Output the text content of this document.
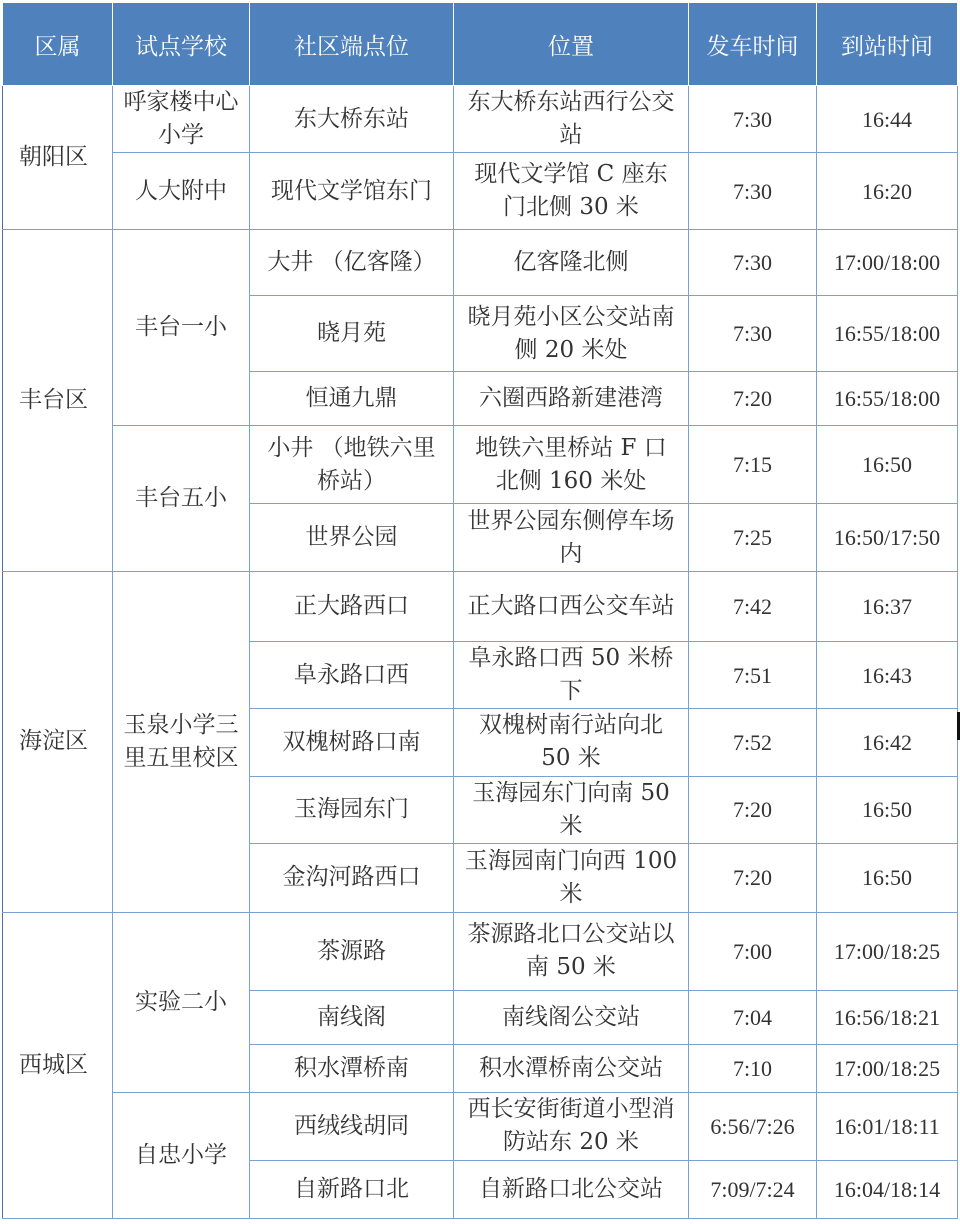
区属	试点学校	社区端点位	位置	发车时间	到站时间
朝阳区	呼家楼中心小学	东大桥东站	东大桥东站西行公交站	7:30	16:44
	人大附中	现代文学馆东门	现代文学馆 C 座东门北侧 30 米	7:30	16:20
丰台区	丰台一小	大井 （亿客隆）	亿客隆北侧	7:30	17:00/18:00
		晓月苑	晓月苑小区公交站南侧 20 米处	7:30	16:55/18:00
		恒通九鼎	六圈西路新建港湾	7:20	16:55/18:00
	丰台五小	小井 （地铁六里桥站）	地铁六里桥站 F 口北侧 160 米处	7:15	16:50
		世界公园	世界公园东侧停车场内	7:25	16:50/17:50
海淀区	玉泉小学三里五里校区	正大路西口	正大路口西公交车站	7:42	16:37
		阜永路口西	阜永路口西 50 米桥下	7:51	16:43
		双槐树路口南	双槐树南行站向北 50 米	7:52	16:42
		玉海园东门	玉海园东门向南 50 米	7:20	16:50
		金沟河路西口	玉海园南门向西 100 米	7:20	16:50
西城区	实验二小	茶源路	茶源路北口公交站以南 50 米	7:00	17:00/18:25
		南线阁	南线阁公交站	7:04	16:56/18:21
		积水潭桥南	积水潭桥南公交站	7:10	17:00/18:25
	自忠小学	西绒线胡同	西长安街街道小型消防站东 20 米	6:56/7:26	16:01/18:11
		自新路口北	自新路口北公交站	7:09/7:24	16:04/18:14
